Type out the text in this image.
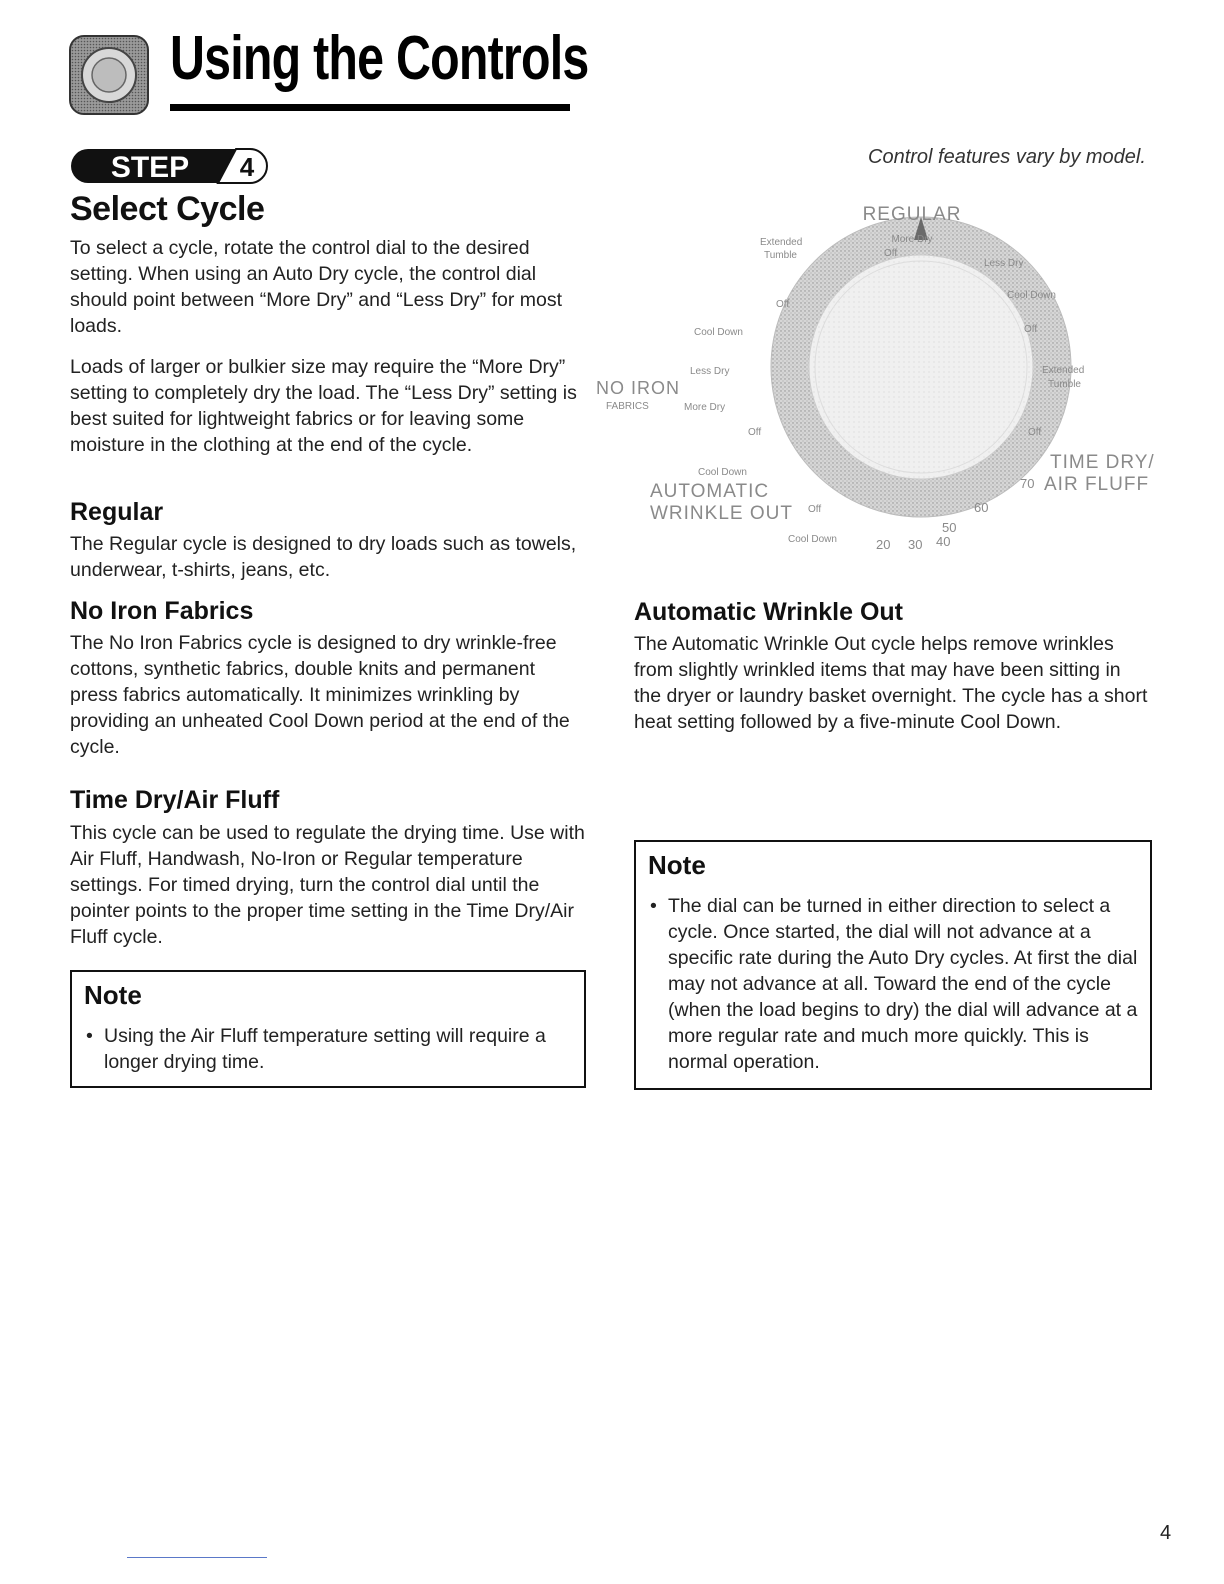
Using the Controls
STEP 4	Control features vary by model.
Select Cycle

To select a cycle, rotate the control dial to the desired setting. When using an Auto Dry cycle, the control dial should point between “More Dry” and “Less Dry” for most loads.

Loads of larger or bulkier size may require the “More Dry” setting to completely dry the load. The “Less Dry” setting is best suited for lightweight fabrics or for leaving some moisture in the clothing at the end of the cycle.

Regular

The Regular cycle is designed to dry loads such as towels, underwear, t-shirts, jeans, etc.

No Iron Fabrics

The No Iron Fabrics cycle is designed to dry wrinkle-free cottons, synthetic fabrics, double knits and permanent press fabrics automatically. It minimizes wrinkling by providing an unheated Cool Down period at the end of the cycle.

Time Dry/Air Fluff

This cycle can be used to regulate the drying time. Use with Air Fluff, Handwash, No-Iron or Regular temperature settings. For timed drying, turn the control dial until the pointer points to the proper time setting in the Time Dry/Air Fluff cycle.

Note
• Using the Air Fluff temperature setting will require a longer drying time.
Automatic Wrinkle Out

The Automatic Wrinkle Out cycle helps remove wrinkles from slightly wrinkled items that may have been sitting in the dryer or laundry basket overnight. The cycle has a short heat setting followed by a five-minute Cool Down.

Note
• The dial can be turned in either direction to select a cycle. Once started, the dial will not advance at a specific rate during the Auto Dry cycles. At first the dial may not advance at all. Toward the end of the cycle (when the load begins to dry) the dial will advance at a more regular rate and much more quickly. This is normal operation.
REGULAR
More Dry
Less Dry
Cool Down
Off
Extended
Tumble
Off
Extended
Tumble	Off
Off
Cool Down
Less Dry
NO IRON
FABRICS	More Dry
Off
Cool Down
AUTOMATIC
WRINKLE OUT Off
Cool Down
TIME DRY/
AIR FLUFF
70
60
50
40
30
20
4
